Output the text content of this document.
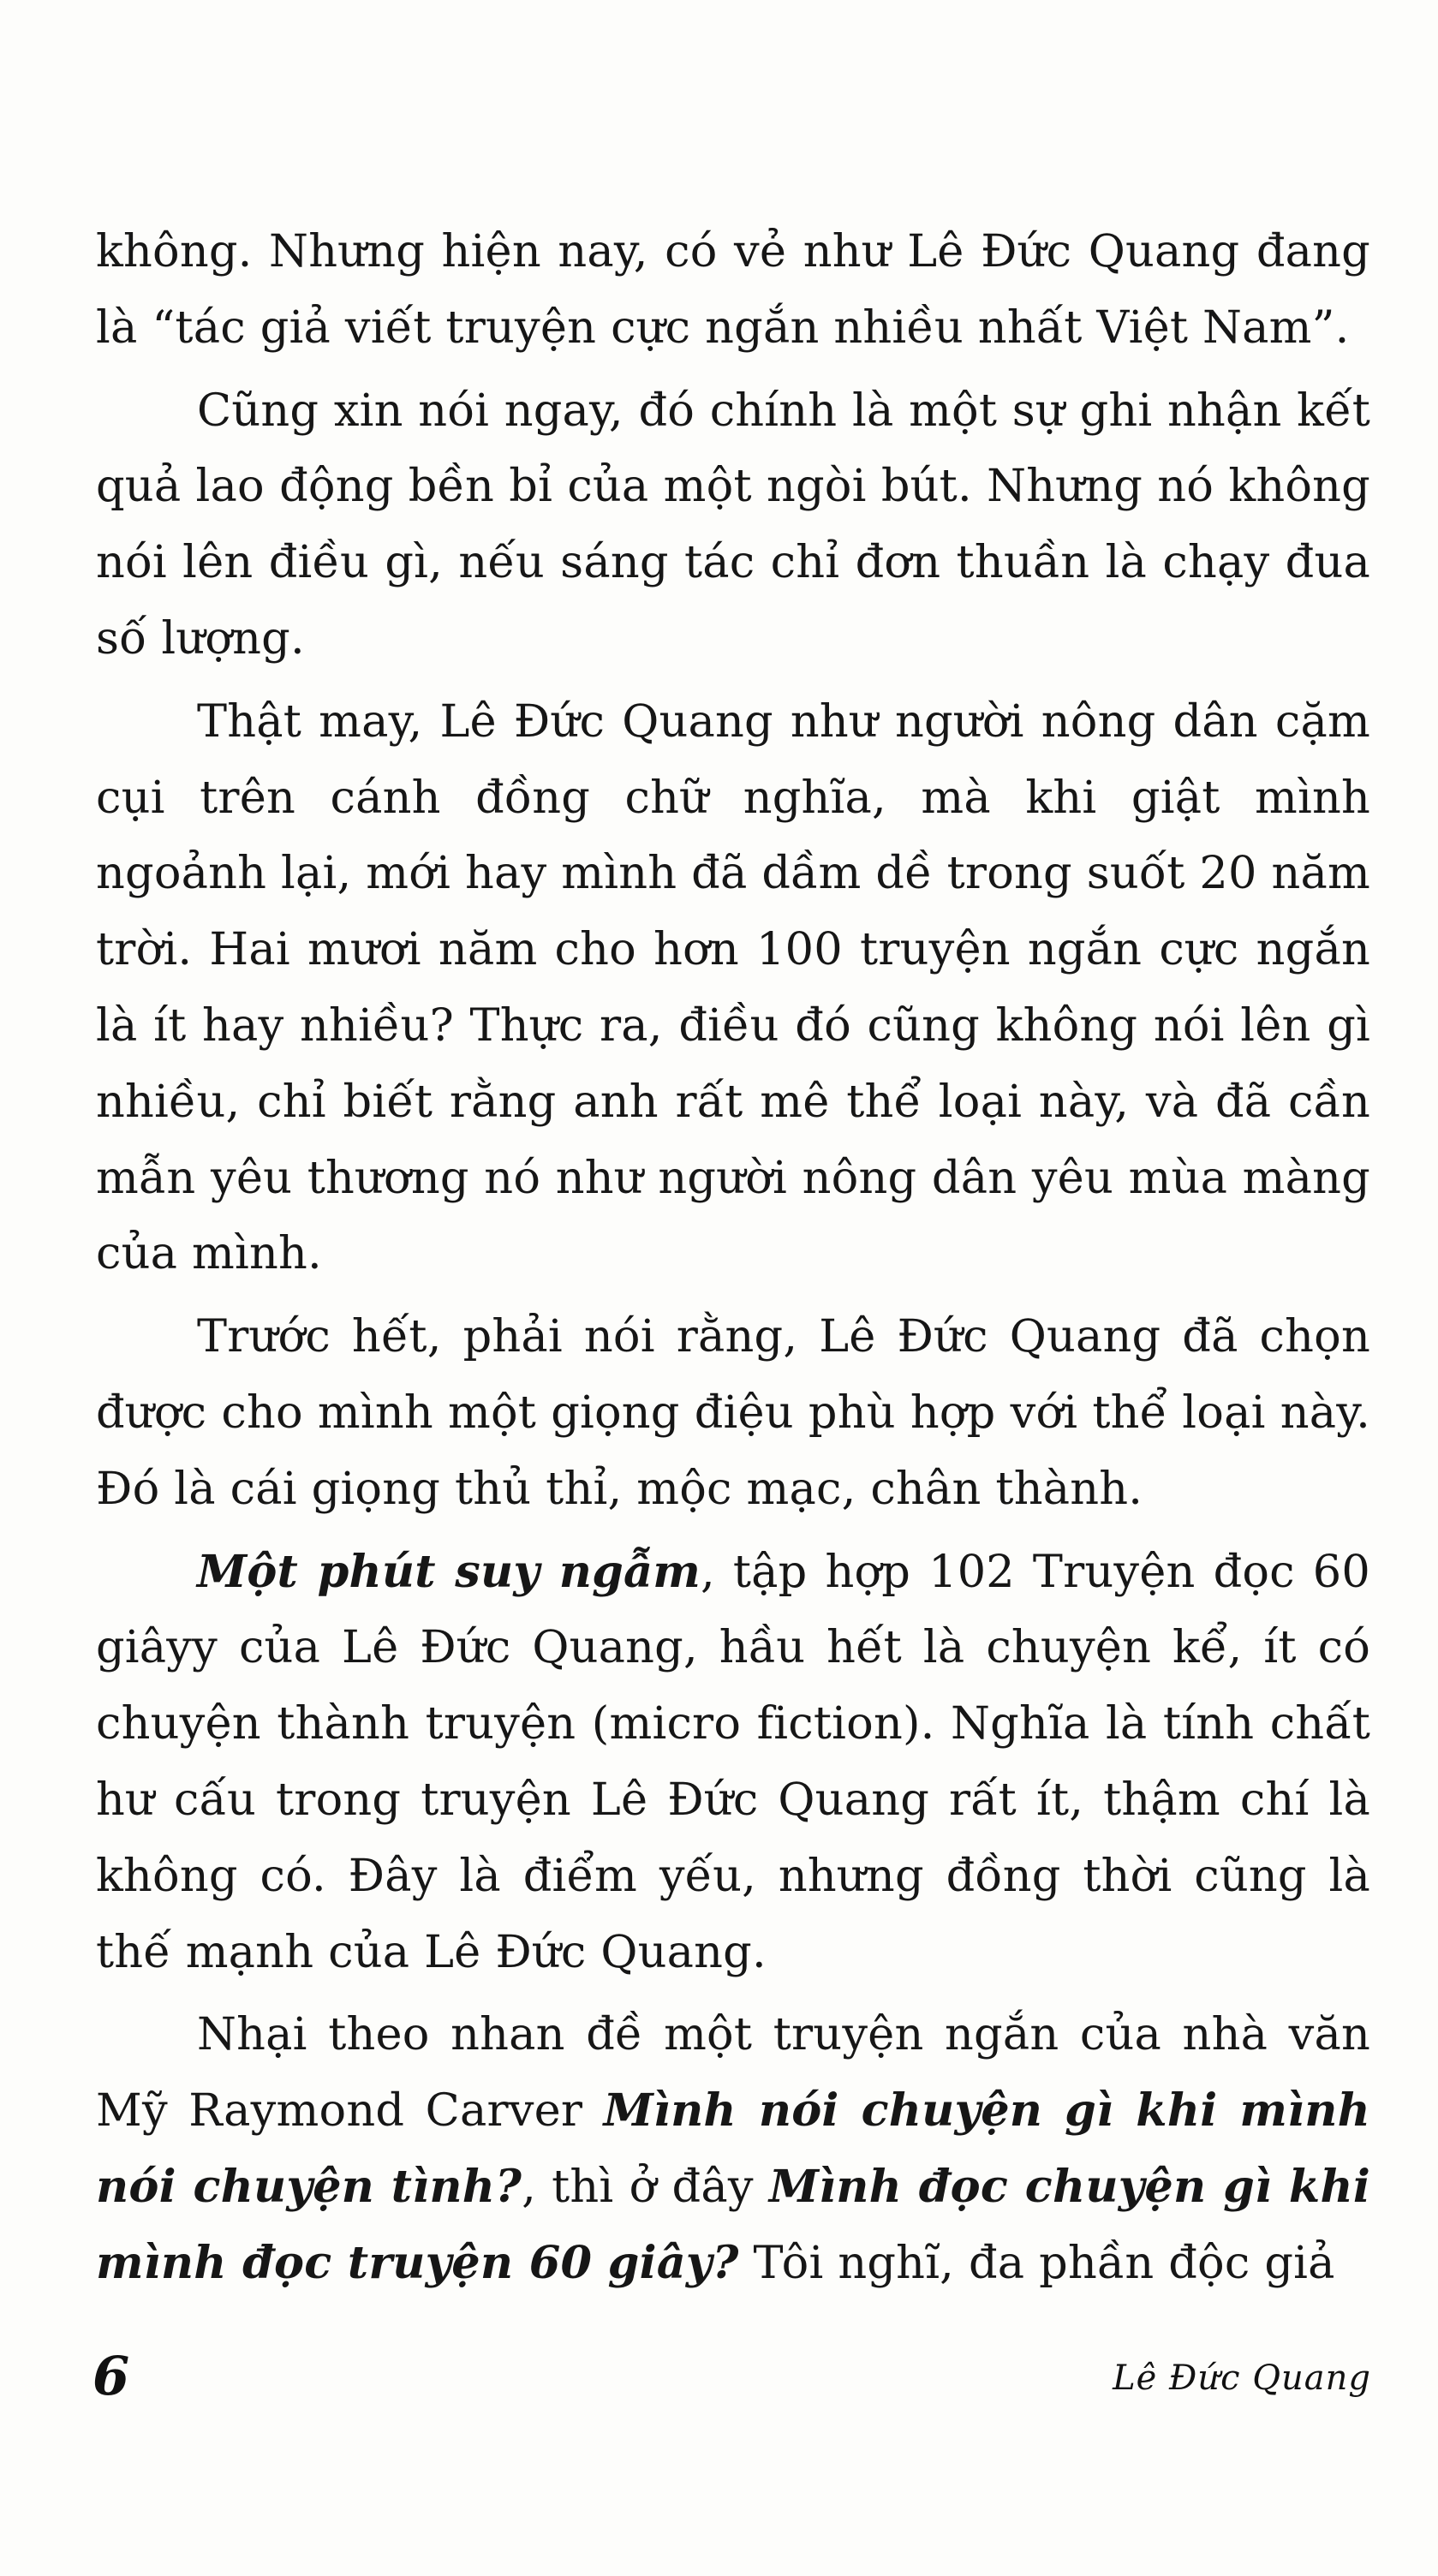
không. Nhưng hiện nay, có vẻ như Lê Đức Quang đang là “tác giả viết truyện cực ngắn nhiều nhất Việt Nam”.

Cũng xin nói ngay, đó chính là một sự ghi nhận kết quả lao động bền bỉ của một ngòi bút. Nhưng nó không nói lên điều gì, nếu sáng tác chỉ đơn thuần là chạy đua số lượng.

Thật may, Lê Đức Quang như người nông dân cặm cụi trên cánh đồng chữ nghĩa, mà khi giật mình ngoảnh lại, mới hay mình đã dầm dề trong suốt 20 năm trời. Hai mươi năm cho hơn 100 truyện ngắn cực ngắn là ít hay nhiều? Thực ra, điều đó cũng không nói lên gì nhiều, chỉ biết rằng anh rất mê thể loại này, và đã cần mẫn yêu thương nó như người nông dân yêu mùa màng của mình.

Trước hết, phải nói rằng, Lê Đức Quang đã chọn được cho mình một giọng điệu phù hợp với thể loại này. Đó là cái giọng thủ thỉ, mộc mạc, chân thành.

Một phút suy ngẫm, tập hợp 102 Truyện đọc 60 giâyy của Lê Đức Quang, hầu hết là chuyện kể, ít có chuyện thành truyện (micro fiction). Nghĩa là tính chất hư cấu trong truyện Lê Đức Quang rất ít, thậm chí là không có. Đây là điểm yếu, nhưng đồng thời cũng là thế mạnh của Lê Đức Quang.

Nhại theo nhan đề một truyện ngắn của nhà văn Mỹ Raymond Carver Mình nói chuyện gì khi mình nói chuyện tình?, thì ở đây Mình đọc chuyện gì khi mình đọc truyện 60 giây? Tôi nghĩ, đa phần độc giả

6	Lê Đức Quang
